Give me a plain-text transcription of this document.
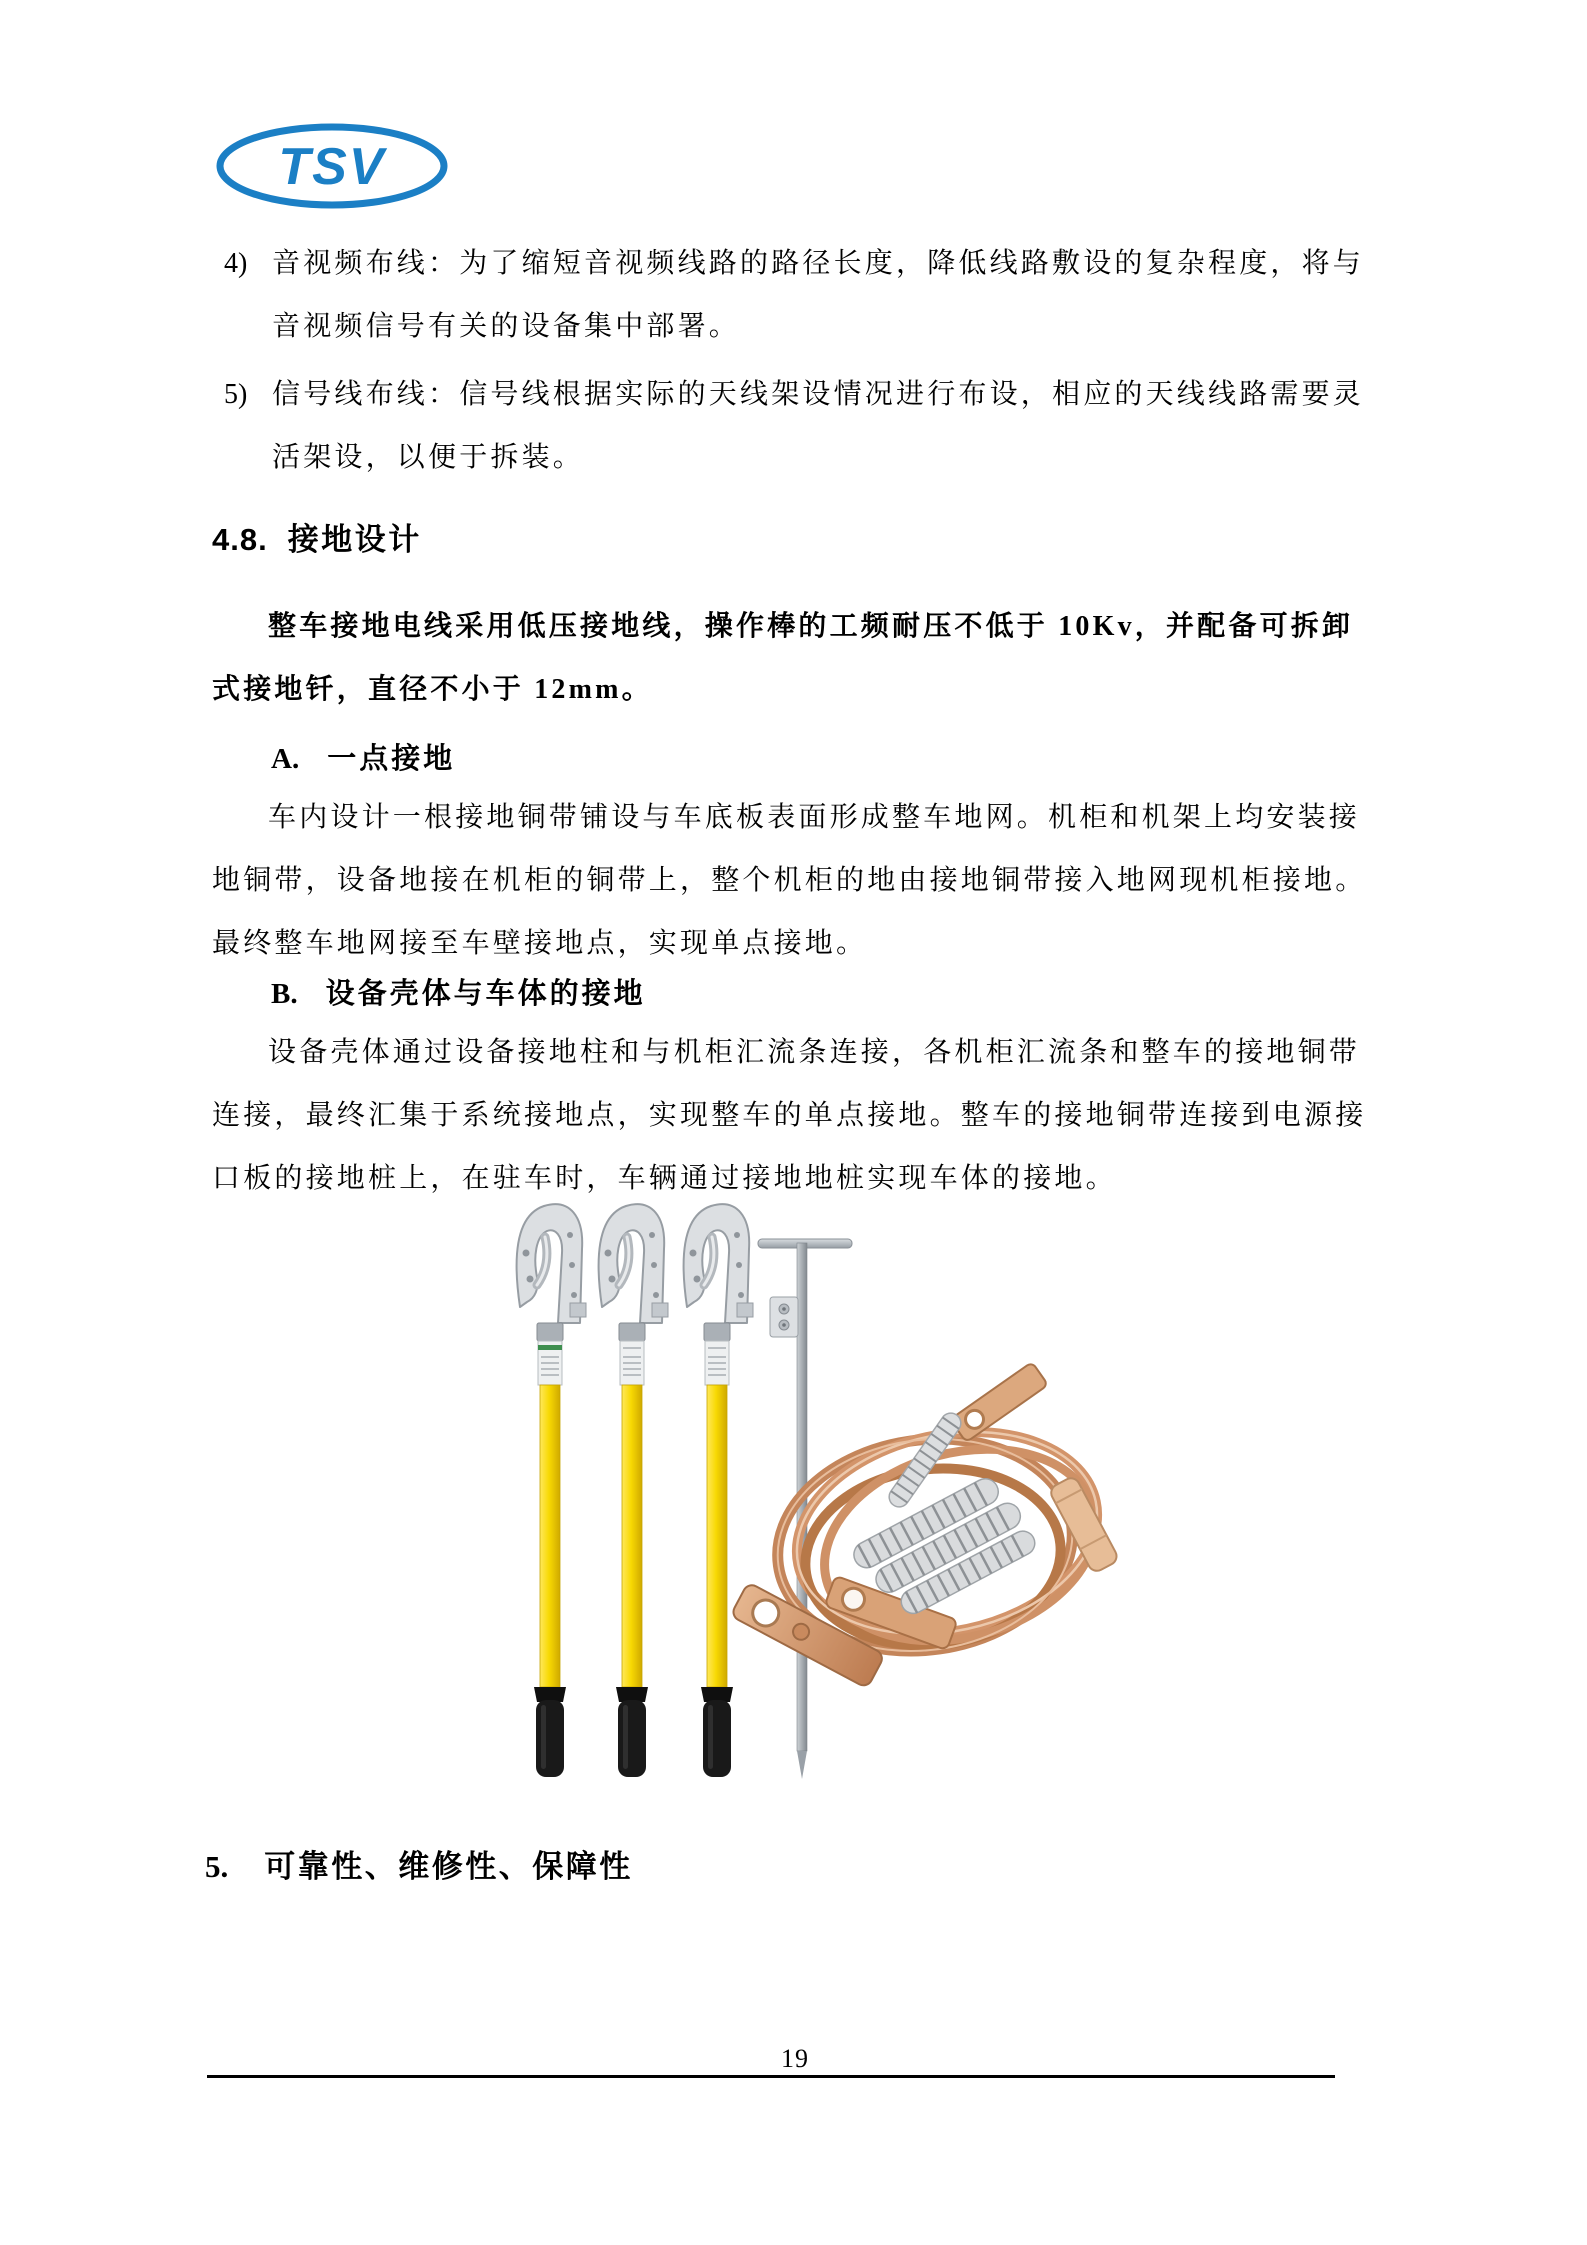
TSV
4) 音视频布线：为了缩短音视频线路的路径长度，降低线路敷设的复杂程度，将与
音视频信号有关的设备集中部署。
5) 信号线布线：信号线根据实际的天线架设情况进行布设，相应的天线线路需要灵
活架设，以便于拆装。
4.8. 接地设计
整车接地电线采用低压接地线，操作棒的工频耐压不低于 10Kv，并配备可拆卸
式接地钎，直径不小于 12mm。
A. 一点接地
车内设计一根接地铜带铺设与车底板表面形成整车地网。机柜和机架上均安装接
地铜带，设备地接在机柜的铜带上，整个机柜的地由接地铜带接入地网现机柜接地。
最终整车地网接至车壁接地点，实现单点接地。
B. 设备壳体与车体的接地
设备壳体通过设备接地柱和与机柜汇流条连接，各机柜汇流条和整车的接地铜带
连接，最终汇集于系统接地点，实现整车的单点接地。整车的接地铜带连接到电源接
口板的接地桩上，在驻车时，车辆通过接地地桩实现车体的接地。
5. 可靠性、维修性、保障性
19
